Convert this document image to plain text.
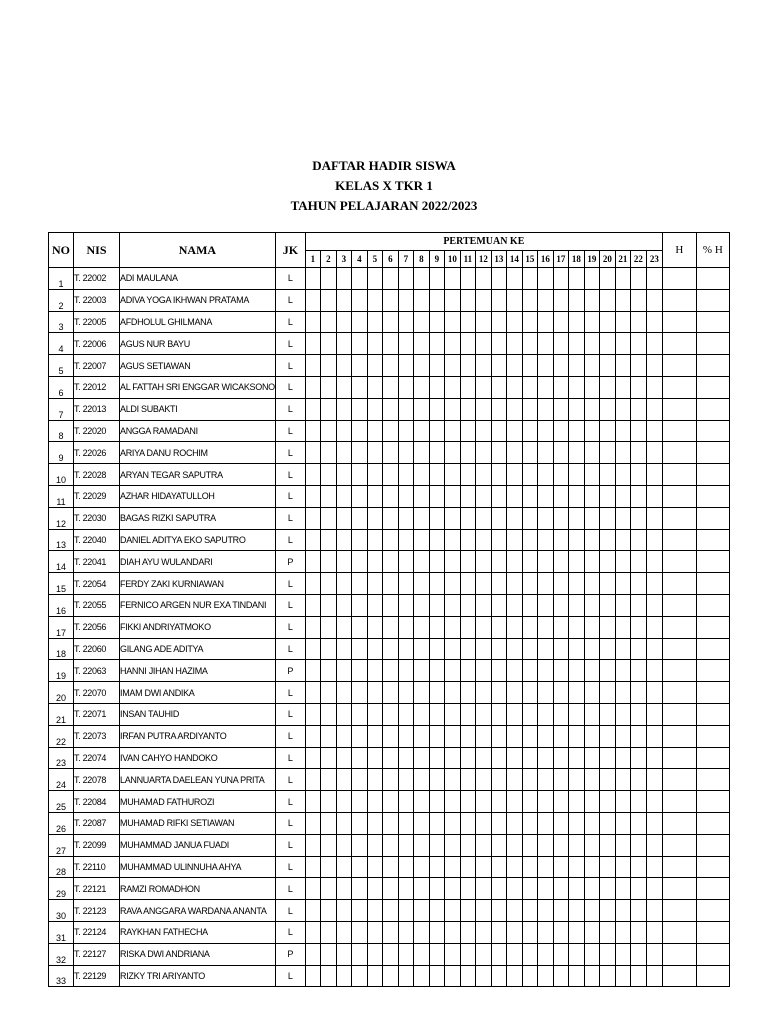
DAFTAR HADIR SISWA
KELAS X TKR 1
TAHUN PELAJARAN 2022/2023
NO	NIS	NAMA	JK	PERTEMUAN KE																							H	% H
				1	2	3	4	5	6	7	8	9	10	11	12	13	14	15	16	17	18	19	20	21	22	23		
1	T. 22002	ADI MAULANA	L																									
2	T. 22003	ADIVA YOGA IKHWAN PRATAMA	L																									
3	T. 22005	AFDHOLUL GHILMANA	L																									
4	T. 22006	AGUS NUR BAYU	L																									
5	T. 22007	AGUS SETIAWAN	L																									
6	T. 22012	AL FATTAH SRI ENGGAR WICAKSONO	L																									
7	T. 22013	ALDI SUBAKTI	L																									
8	T. 22020	ANGGA RAMADANI	L																									
9	T. 22026	ARIYA DANU ROCHIM	L																									
10	T. 22028	ARYAN TEGAR SAPUTRA	L																									
11	T. 22029	AZHAR HIDAYATULLOH	L																									
12	T. 22030	BAGAS RIZKI SAPUTRA	L																									
13	T. 22040	DANIEL ADITYA EKO SAPUTRO	L																									
14	T. 22041	DIAH AYU WULANDARI	P																									
15	T. 22054	FERDY ZAKI KURNIAWAN	L																									
16	T. 22055	FERNICO ARGEN NUR EXA TINDANI	L																									
17	T. 22056	FIKKI ANDRIYATMOKO	L																									
18	T. 22060	GILANG ADE ADITYA	L																									
19	T. 22063	HANNI JIHAN HAZIMA	P																									
20	T. 22070	IMAM DWI ANDIKA	L																									
21	T. 22071	INSAN TAUHID	L																									
22	T. 22073	IRFAN PUTRA ARDIYANTO	L																									
23	T. 22074	IVAN CAHYO HANDOKO	L																									
24	T. 22078	LANNUARTA DAELEAN YUNA PRITA	L																									
25	T. 22084	MUHAMAD FATHUROZI	L																									
26	T. 22087	MUHAMAD RIFKI SETIAWAN	L																									
27	T. 22099	MUHAMMAD JANUA FUADI	L																									
28	T. 22110	MUHAMMAD ULINNUHA AHYA	L																									
29	T. 22121	RAMZI ROMADHON	L																									
30	T. 22123	RAVA ANGGARA WARDANA ANANTA	L																									
31	T. 22124	RAYKHAN FATHECHA	L																									
32	T. 22127	RISKA DWI ANDRIANA	P																									
33	T. 22129	RIZKY TRI ARIYANTO	L																									
